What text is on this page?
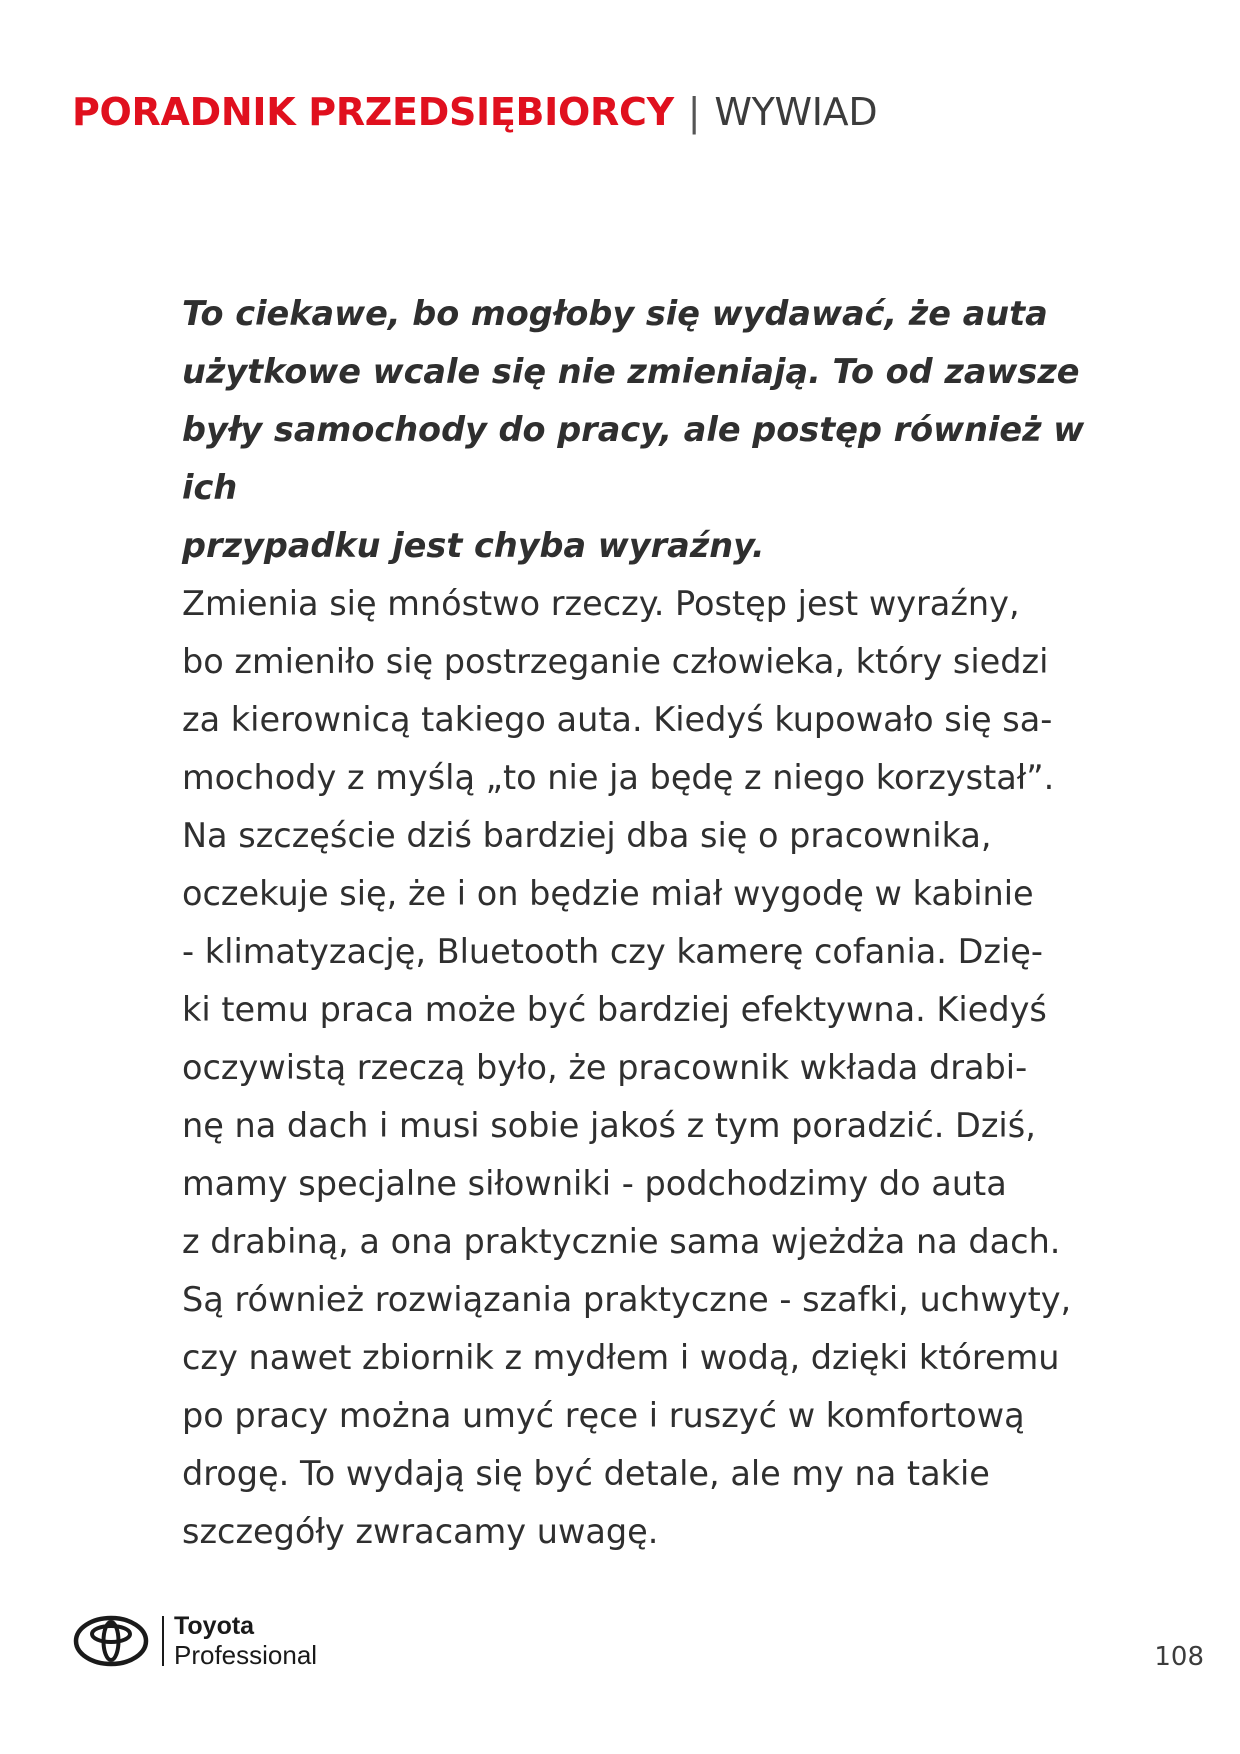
PORADNIK PRZEDSIĘBIORCY | WYWIAD

To ciekawe, bo mogłoby się wydawać, że auta

użytkowe wcale się nie zmieniają. To od zawsze

były samochody do pracy, ale postęp również w ich

przypadku jest chyba wyraźny.

Zmienia się mnóstwo rzeczy. Postęp jest wyraźny,

bo zmieniło się postrzeganie człowieka, który siedzi

za kierownicą takiego auta. Kiedyś kupowało się sa-

mochody z myślą „to nie ja będę z niego korzystał”.

Na szczęście dziś bardziej dba się o pracownika,

oczekuje się, że i on będzie miał wygodę w kabinie

- klimatyzację, Bluetooth czy kamerę cofania. Dzię-

ki temu praca może być bardziej efektywna. Kiedyś

oczywistą rzeczą było, że pracownik wkłada drabi-

nę na dach i musi sobie jakoś z tym poradzić. Dziś,

mamy specjalne siłowniki - podchodzimy do auta

z drabiną, a ona praktycznie sama wjeżdża na dach.

Są również rozwiązania praktyczne - szafki, uchwyty,

czy nawet zbiornik z mydłem i wodą, dzięki któremu

po pracy można umyć ręce i ruszyć w komfortową

drogę. To wydają się być detale, ale my na takie

szczegóły zwracamy uwagę.

Toyota
Professional	108
